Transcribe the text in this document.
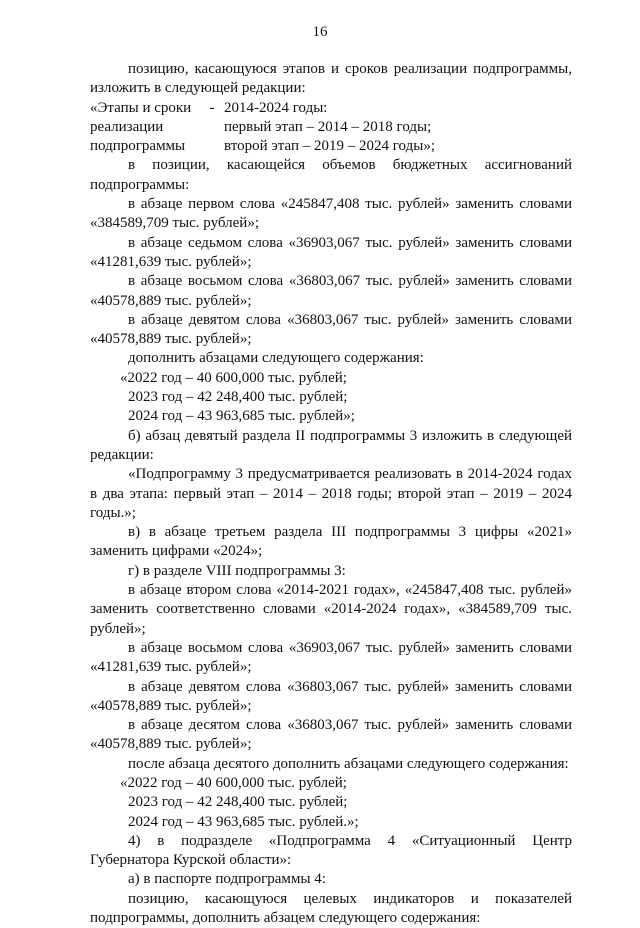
16

позицию, касающуюся этапов и сроков реализации подпрограммы, изложить в следующей редакции:

«Этапы и сроки	- 2014-2024 годы:
реализации	первый этап – 2014 – 2018 годы;
подпрограммы	второй этап – 2019 – 2024 годы»;

в позиции, касающейся объемов бюджетных ассигнований подпрограммы:

в абзаце первом слова «245847,408 тыс. рублей» заменить словами «384589,709 тыс. рублей»;

в абзаце седьмом слова «36903,067 тыс. рублей» заменить словами «41281,639 тыс. рублей»;

в абзаце восьмом слова «36803,067 тыс. рублей» заменить словами «40578,889 тыс. рублей»;

в абзаце девятом слова «36803,067 тыс. рублей» заменить словами «40578,889 тыс. рублей»;

дополнить абзацами следующего содержания:

«2022 год – 40 600,000 тыс. рублей;

2023 год – 42 248,400 тыс. рублей;

2024 год – 43 963,685 тыс. рублей»;

б) абзац девятый раздела II подпрограммы 3 изложить в следующей редакции:

«Подпрограмму 3 предусматривается реализовать в 2014-2024 годах в два этапа: первый этап – 2014 – 2018 годы; второй этап – 2019 – 2024 годы.»;

в) в абзаце третьем раздела III подпрограммы 3 цифры «2021» заменить цифрами «2024»;

г) в разделе VIII подпрограммы 3:

в абзаце втором слова «2014-2021 годах», «245847,408 тыс. рублей» заменить соответственно словами «2014-2024 годах», «384589,709 тыс. рублей»;

в абзаце восьмом слова «36903,067 тыс. рублей» заменить словами «41281,639 тыс. рублей»;

в абзаце девятом слова «36803,067 тыс. рублей» заменить словами «40578,889 тыс. рублей»;

в абзаце десятом слова «36803,067 тыс. рублей» заменить словами «40578,889 тыс. рублей»;

после абзаца десятого дополнить абзацами следующего содержания:

«2022 год – 40 600,000 тыс. рублей;

2023 год – 42 248,400 тыс. рублей;

2024 год – 43 963,685 тыс. рублей.»;

4) в подразделе «Подпрограмма 4 «Ситуационный Центр Губернатора Курской области»:

а) в паспорте подпрограммы 4:

позицию, касающуюся целевых индикаторов и показателей подпрограммы, дополнить абзацем следующего содержания:
